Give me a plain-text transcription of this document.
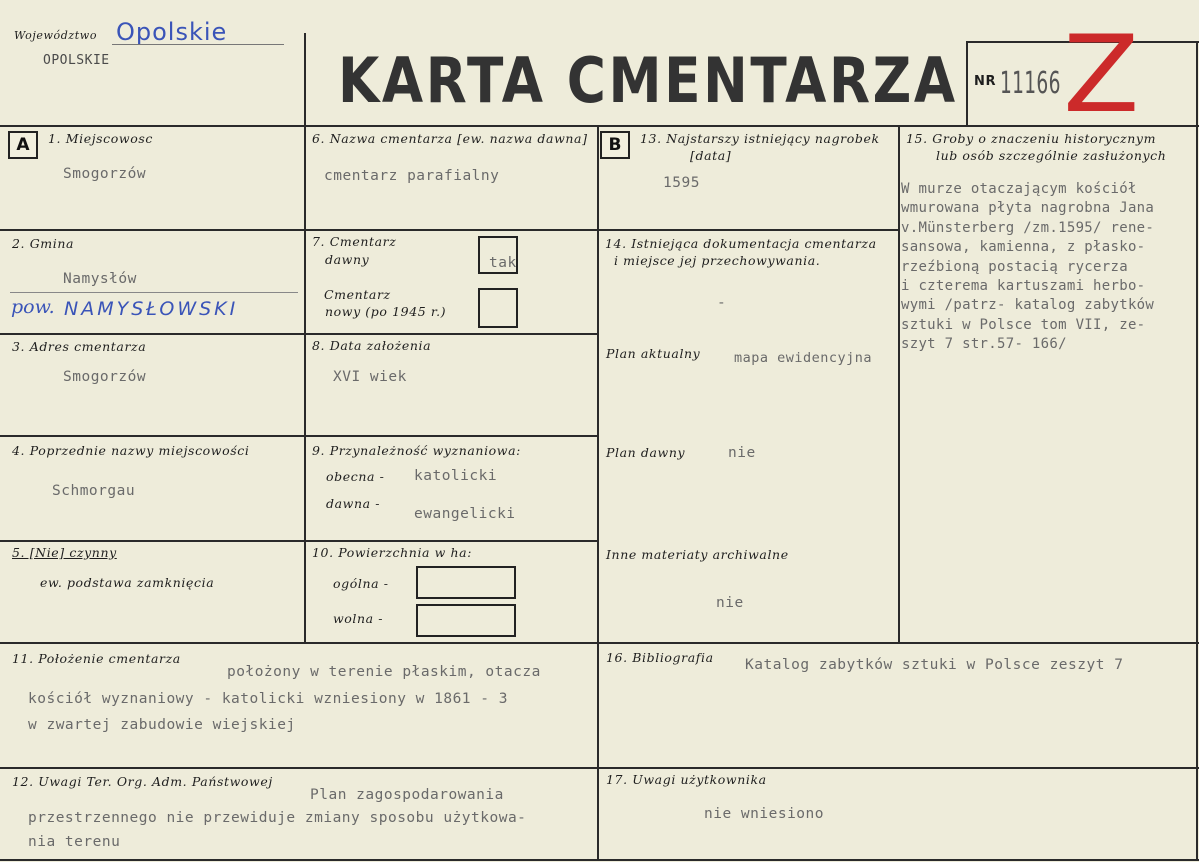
Województwo Opolskie
OPOLSKIE	KARTA CMENTARZA NR 11166 Z
A	B
1. Miejscowosc
Smogorzów
2. Gmina
Namysłów
pow. NAMYSŁOWSKI
3. Adres cmentarza
Smogorzów
4. Poprzednie nazwy miejscowości
Schmorgau
5. [Nie] czynny
ew. podstawa zamknięcia
6. Nazwa cmentarza [ew. nazwa dawna]
cmentarz parafialny
7. Cmentarz
dawny	tak
Cmentarz
nowy (po 1945 r.)
8. Data założenia
XVI wiek
9. Przynależność wyznaniowa:
obecna - katolicki
dawna -
ewangelicki
10. Powierzchnia w ha:
ogólna -
wolna -
11. Położenie cmentarza
położony w terenie płaskim, otacza
kościół wyznaniowy - katolicki wzniesiony w 1861 - 3
w zwartej zabudowie wiejskiej
12. Uwagi Ter. Org. Adm. Państwowej
Plan zagospodarowania
przestrzennego nie przewiduje zmiany sposobu użytkowa-
nia terenu
13. Najstarszy istniejący nagrobek
[data]
1595
14. Istniejąca dokumentacja cmentarza
i miejsce jej przechowywania.
-
Plan aktualny mapa ewidencyjna
Plan dawny	nie
Inne materiaty archiwalne
nie
15. Groby o znaczeniu historycznym
lub osób szczególnie zasłużonych
W murze otaczającym kościół
wmurowana płyta nagrobna Jana
v.Münsterberg /zm.1595/ rene-
sansowa, kamienna, z płasko-
rzeźbioną postacią rycerza
i czterema kartuszami herbo-
wymi /patrz- katalog zabytków
sztuki w Polsce tom VII, ze-
szyt 7 str.57- 166/
16. Bibliografia Katalog zabytków sztuki w Polsce zeszyt 7
17. Uwagi użytkownika
nie wniesiono
